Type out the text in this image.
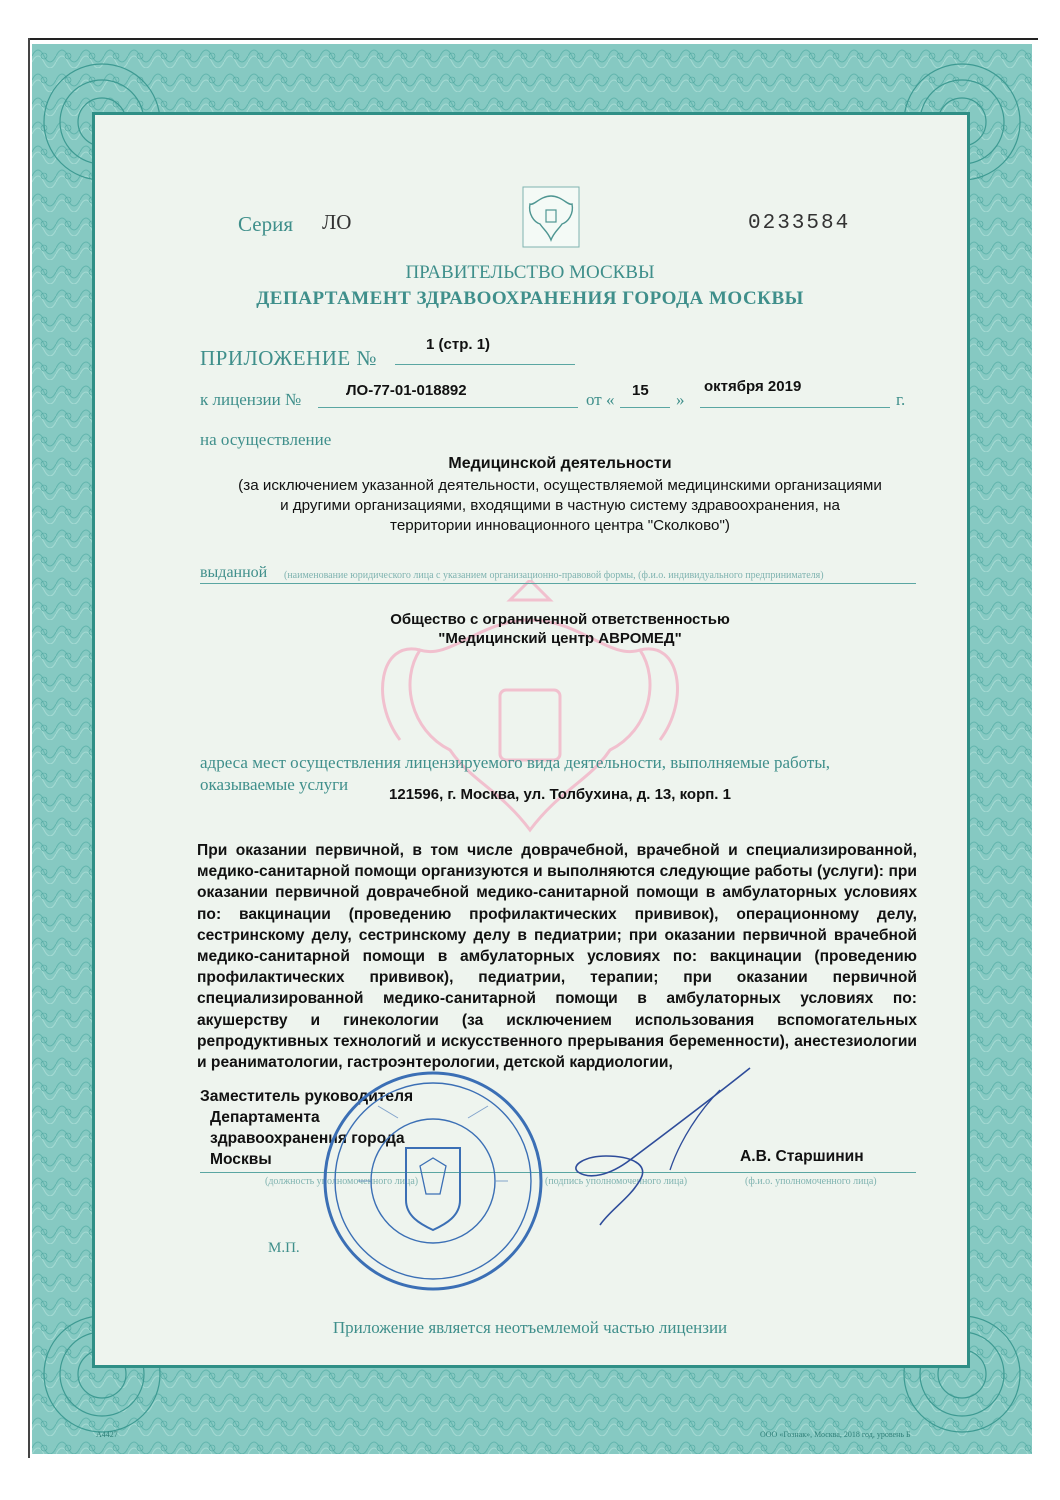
Серия ЛО	0233584
ПРАВИТЕЛЬСТВО МОСКВЫ
ДЕПАРТАМЕНТ ЗДРАВООХРАНЕНИЯ ГОРОДА МОСКВЫ
ПРИЛОЖЕНИЕ №
1 (стр. 1)
к лицензии №	ЛО-77-01-018892	от « 15 »
октября 2019
г.
на осуществление
Медицинской деятельности
(за исключением указанной деятельности, осуществляемой медицинскими организациями
и другими организациями, входящими в частную систему здравоохранения, на
территории инновационного центра "Сколково")
выданной (наименование юридического лица с указанием организационно-правовой формы, (ф.и.о. индивидуального предпринимателя)
Общество с ограниченной ответственностью
"Медицинский центр АВРОМЕД"
адреса мест осуществления лицензируемого вида деятельности, выполняемые работы,
оказываемые услуги
121596, г. Москва, ул. Толбухина, д. 13, корп. 1
При оказании первичной, в том числе доврачебной, врачебной и специализированной, медико-санитарной помощи организуются и выполняются следующие работы (услуги): при оказании первичной доврачебной медико-санитарной помощи в амбулаторных условиях по: вакцинации (проведению профилактических прививок), операционному делу, сестринскому делу, сестринскому делу в педиатрии; при оказании первичной врачебной медико-санитарной помощи в амбулаторных условиях по: вакцинации (проведению профилактических прививок), педиатрии, терапии; при оказании первичной специализированной медико-санитарной помощи в амбулаторных условиях по: акушерству и гинекологии (за исключением использования вспомогательных репродуктивных технологий и искусственного прерывания беременности), анестезиологии и реаниматологии, гастроэнтерологии, детской кардиологии,
Заместитель руководителя
Департамента
здравоохранения города
Москвы	А.В. Старшинин
(должность уполномоченного лица)	(подпись уполномоченного лица)	(ф.и.о. уполномоченного лица)
М.П.
Приложение является неотъемлемой частью лицензии
А4427	ООО «Гознак», Москва, 2018 год, уровень Б
